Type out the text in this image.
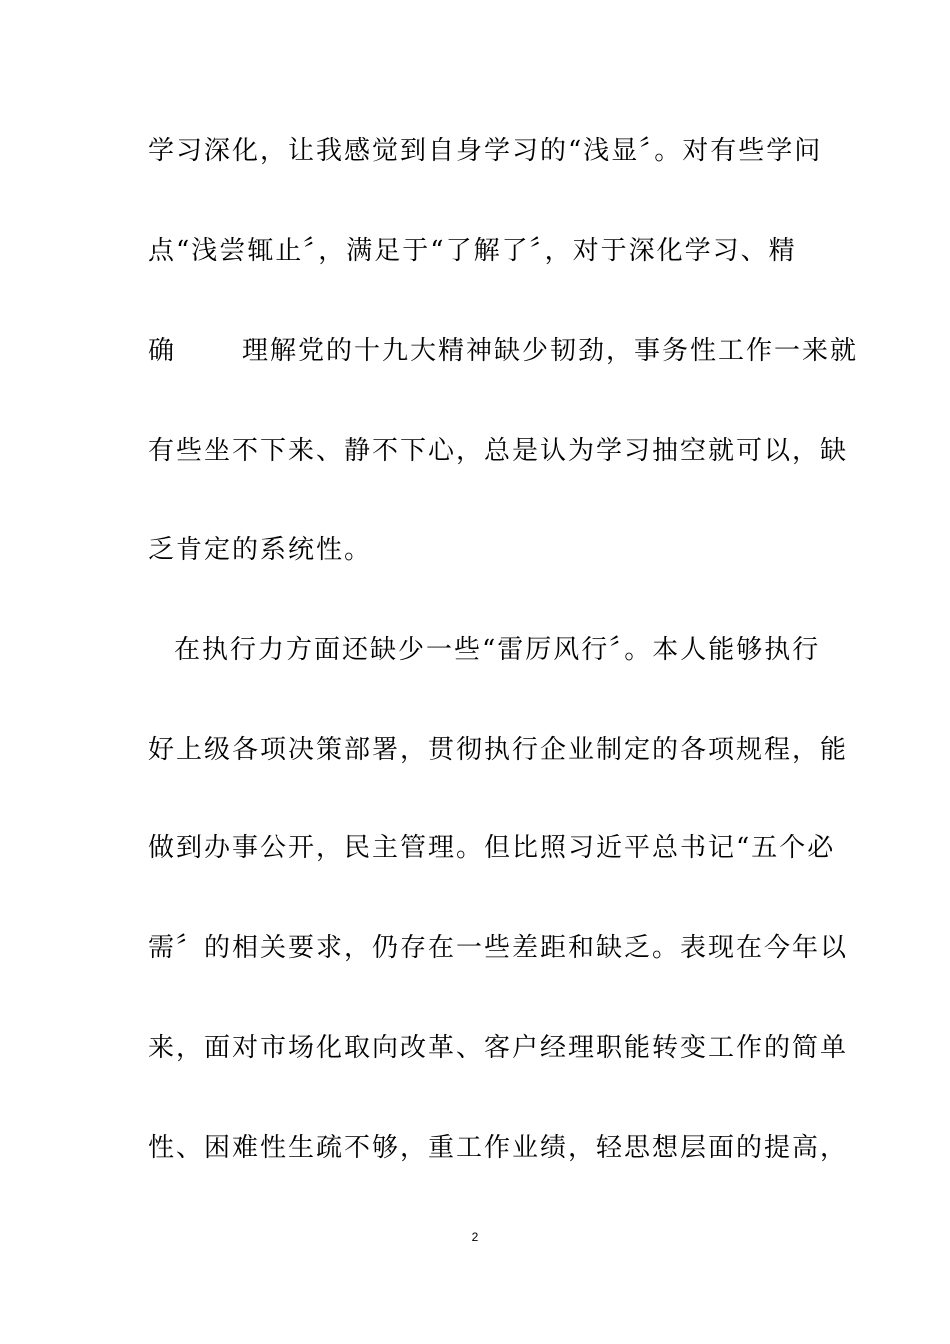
学习深化，让我感觉到自身学习的“浅显〞。对有些学问
点“浅尝辄止〞，满足于“了解了〞，对于深化学习、精
确	理解党的十九大精神缺少韧劲，事务性工作一来就
有些坐不下来、静不下心，总是认为学习抽空就可以，缺
乏肯定的系统性。
在执行力方面还缺少一些“雷厉风行〞。本人能够执行
好上级各项决策部署，贯彻执行企业制定的各项规程，能
做到办事公开，民主管理。但比照习近平总书记“五个必
需〞的相关要求，仍存在一些差距和缺乏。表现在今年以
来，面对市场化取向改革、客户经理职能转变工作的简单
性、困难性生疏不够，重工作业绩，轻思想层面的提高，
2
